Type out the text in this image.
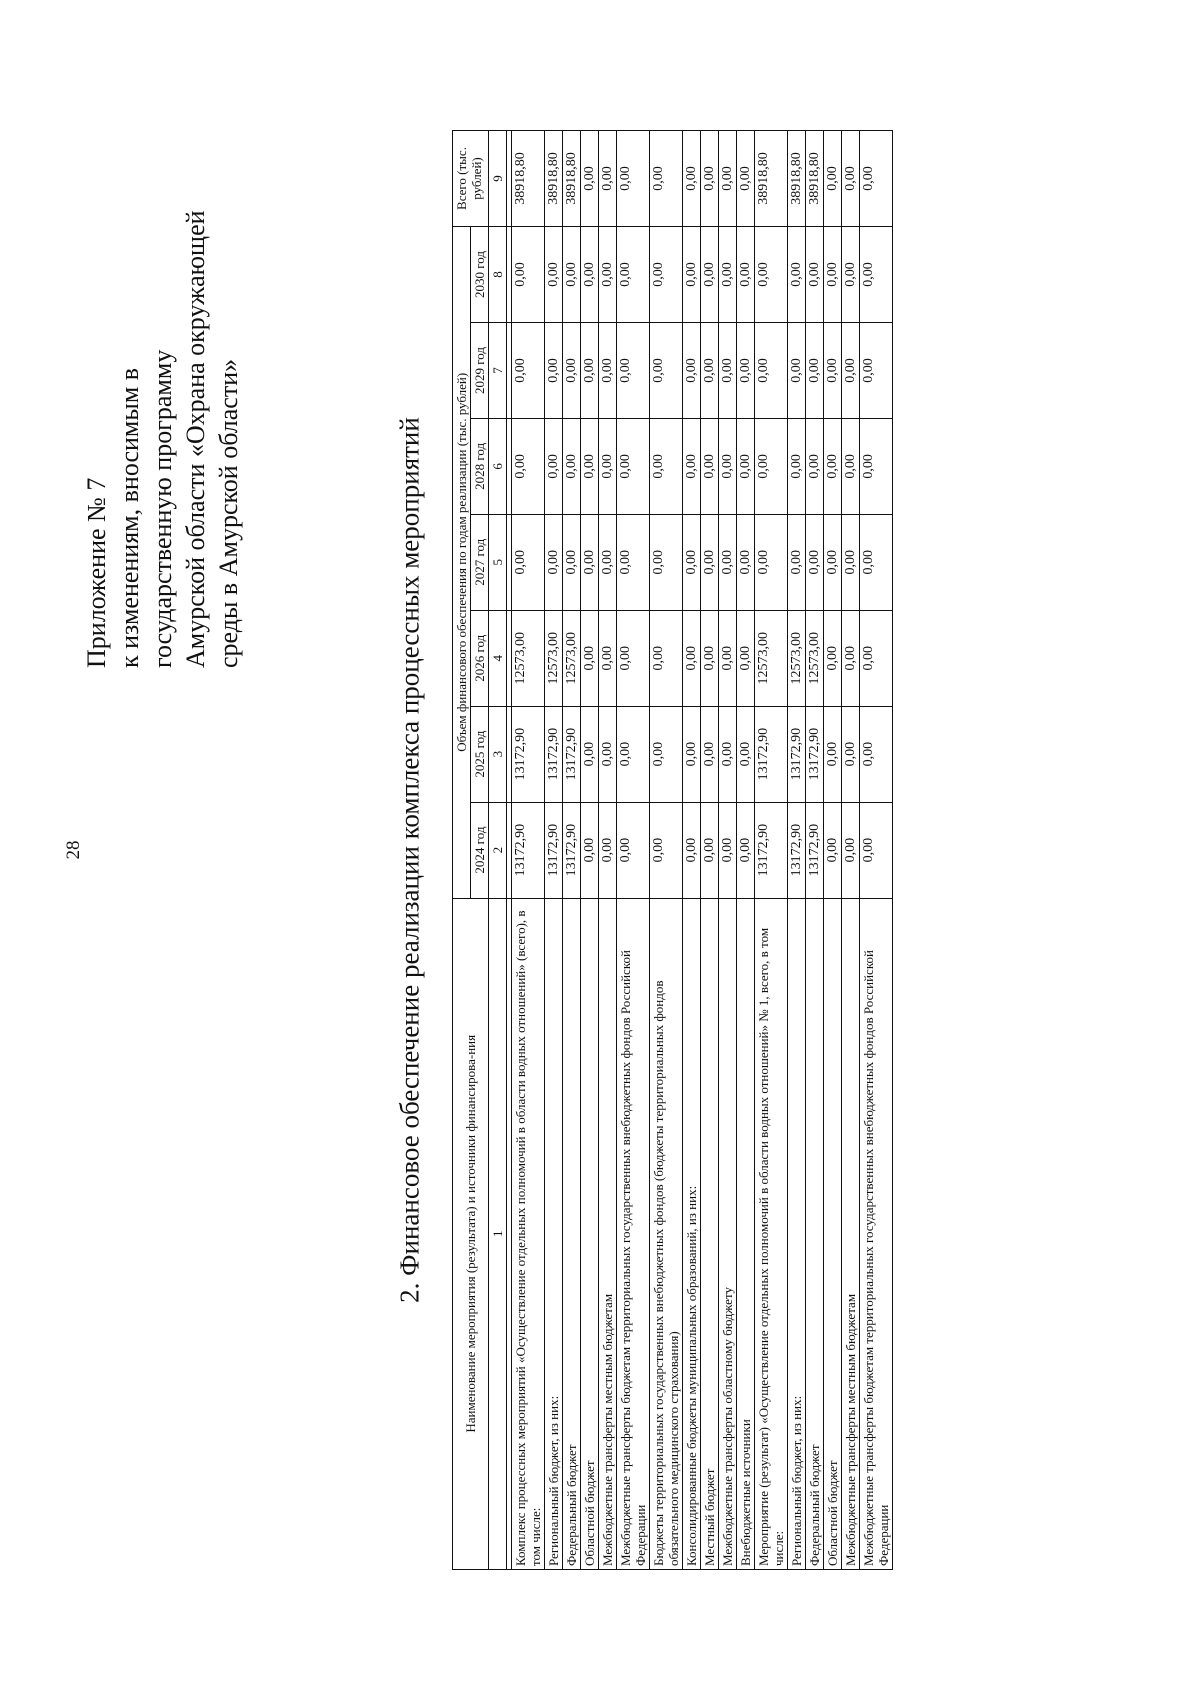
28
Приложение № 7 к изменениям, вносимым в государственную программу Амурской области «Охрана окружающей среды в Амурской области»	2. Финансовое обеспечение реализации комплекса процессных мероприятий	Наименование мероприятия (результата) и источники финансирова-ния	Объем финансового обеспечения по годам реализации (тыс. рублей)							Всего (тыс. рублей)
	2024 год	2025 год	2026 год	2027 год	2028 год	2029 год	2030 год	
1	2	3	4	5	6	7	8	9

Комплекс процессных мероприятий «Осуществление отдельных полномочий в области водных отношений» (всего), в том числе:	13172,90	13172,90	12573,00	0,00	0,00	0,00	0,00	38918,80
Региональный бюджет, из них:	13172,90	13172,90	12573,00	0,00	0,00	0,00	0,00	38918,80
Федеральный бюджет	13172,90	13172,90	12573,00	0,00	0,00	0,00	0,00	38918,80
Областной бюджет	0,00	0,00	0,00	0,00	0,00	0,00	0,00	0,00
Межбюджетные трансферты местным бюджетам	0,00	0,00	0,00	0,00	0,00	0,00	0,00	0,00
Межбюджетные трансферты бюджетам территориальных государственных внебюджетных фондов Российской Федерации	0,00	0,00	0,00	0,00	0,00	0,00	0,00	0,00
Бюджеты территориальных государственных внебюджетных фондов (бюджеты территориальных фондов обязательного медицинского страхования)	0,00	0,00	0,00	0,00	0,00	0,00	0,00	0,00
Консолидированные бюджеты муниципальных образований, из них:	0,00	0,00	0,00	0,00	0,00	0,00	0,00	0,00
Местный бюджет	0,00	0,00	0,00	0,00	0,00	0,00	0,00	0,00
Межбюджетные трансферты областному бюджету	0,00	0,00	0,00	0,00	0,00	0,00	0,00	0,00
Внебюджетные источники	0,00	0,00	0,00	0,00	0,00	0,00	0,00	0,00
Мероприятие (результат) «Осуществление отдельных полномочий в области водных отношений» № 1, всего, в том числе:	13172,90	13172,90	12573,00	0,00	0,00	0,00	0,00	38918,80
Региональный бюджет, из них:	13172,90	13172,90	12573,00	0,00	0,00	0,00	0,00	38918,80
Федеральный бюджет	13172,90	13172,90	12573,00	0,00	0,00	0,00	0,00	38918,80
Областной бюджет	0,00	0,00	0,00	0,00	0,00	0,00	0,00	0,00
Межбюджетные трансферты местным бюджетам	0,00	0,00	0,00	0,00	0,00	0,00	0,00	0,00
Межбюджетные трансферты бюджетам территориальных государственных внебюджетных фондов Российской Федерации	0,00	0,00	0,00	0,00	0,00	0,00	0,00	0,00
